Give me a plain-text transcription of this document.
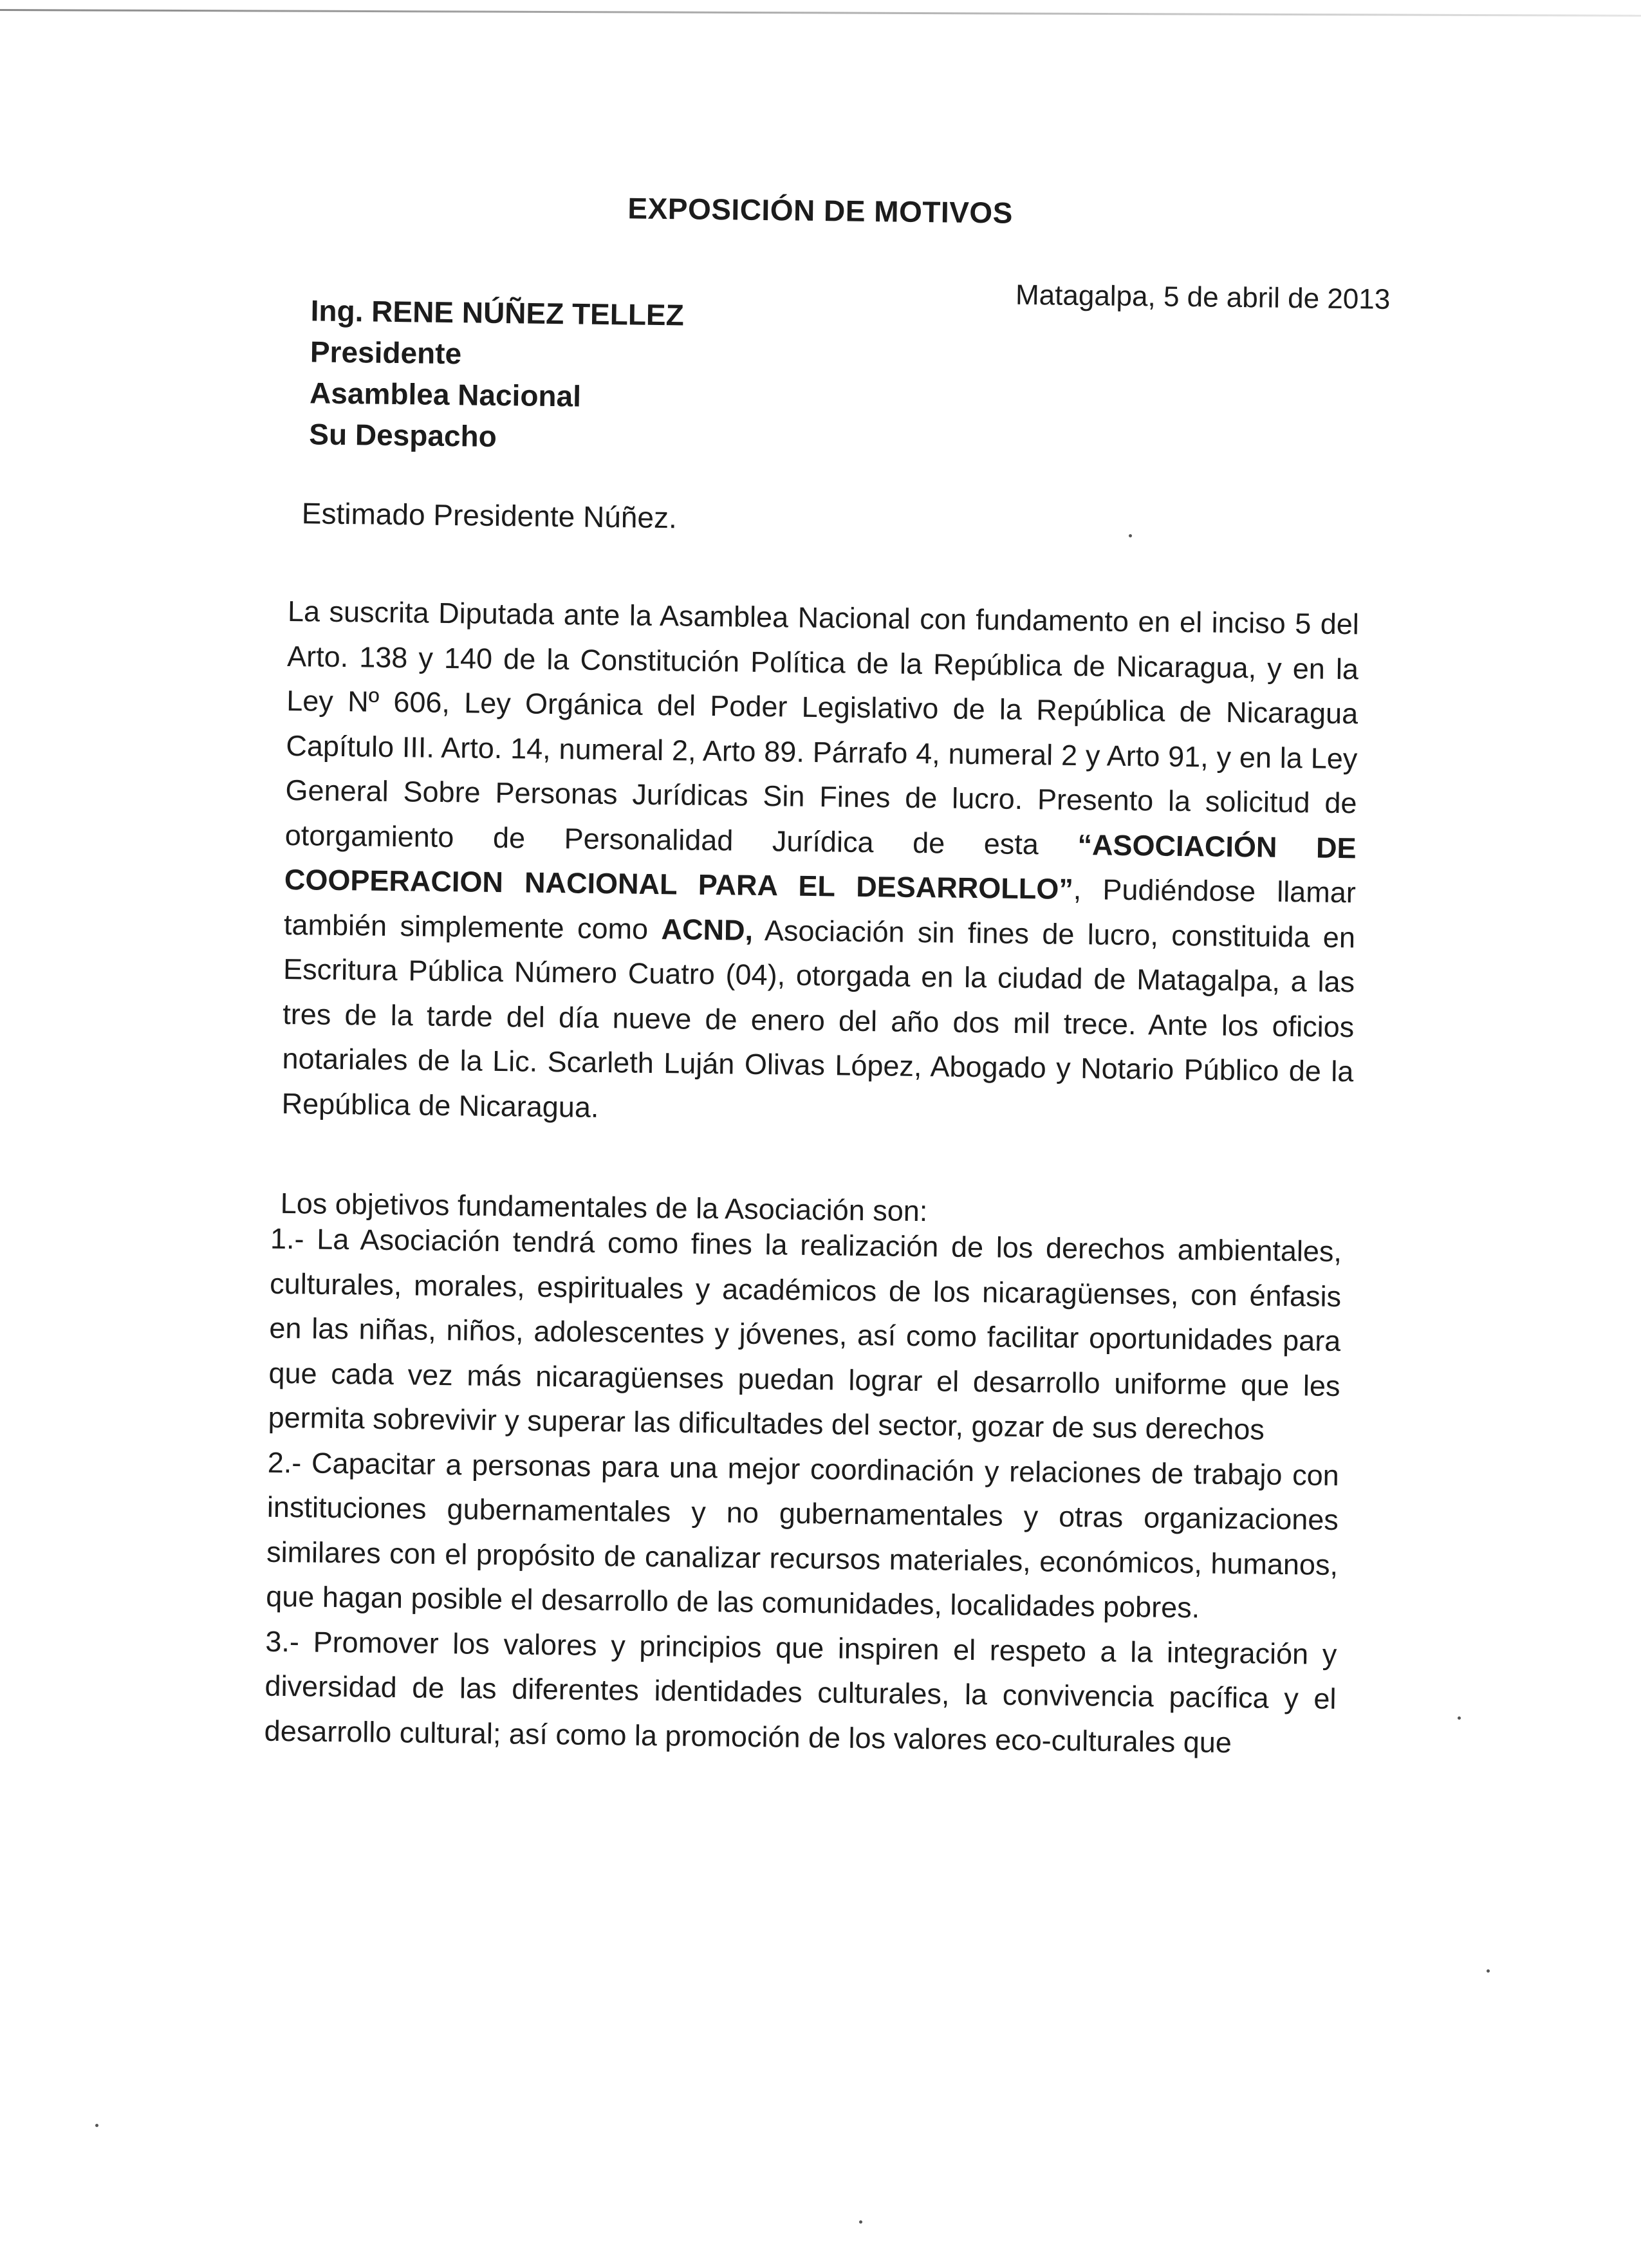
EXPOSICIÓN DE MOTIVOS
Matagalpa, 5 de abril de 2013
Ing. RENE NÚÑEZ TELLEZ
Presidente
Asamblea Nacional
Su Despacho
Estimado Presidente Núñez.

La suscrita Diputada ante la Asamblea Nacional con fundamento en el inciso 5 del Arto. 138 y 140 de la Constitución Política de la República de Nicaragua, y en la Ley Nº 606, Ley Orgánica del Poder Legislativo de la República de Nicaragua Capítulo III. Arto. 14, numeral 2, Arto 89. Párrafo 4, numeral 2 y Arto 91, y en la Ley General Sobre Personas Jurídicas Sin Fines de lucro. Presento la solicitud de otorgamiento de Personalidad Jurídica de esta “ASOCIACIÓN DE COOPERACION NACIONAL PARA EL DESARROLLO”, Pudiéndose llamar también simplemente como ACND, Asociación sin fines de lucro, constituida en Escritura Pública Número Cuatro (04), otorgada en la ciudad de Matagalpa, a las tres de la tarde del día nueve de enero del año dos mil trece. Ante los oficios notariales de la Lic. Scarleth Luján Olivas López, Abogado y Notario Público de la República de Nicaragua.

Los objetivos fundamentales de la Asociación son:

1.- La Asociación tendrá como fines la realización de los derechos ambientales, culturales, morales, espirituales y académicos de los nicaragüenses, con énfasis en las niñas, niños, adolescentes y jóvenes, así como facilitar oportunidades para que cada vez más nicaragüenses puedan lograr el desarrollo uniforme que les permita sobrevivir y superar las dificultades del sector, gozar de sus derechos

2.- Capacitar a personas para una mejor coordinación y relaciones de trabajo con instituciones gubernamentales y no gubernamentales y otras organizaciones similares con el propósito de canalizar recursos materiales, económicos, humanos, que hagan posible el desarrollo de las comunidades, localidades pobres.

3.- Promover los valores y principios que inspiren el respeto a la integración y diversidad de las diferentes identidades culturales, la convivencia pacífica y el desarrollo cultural; así como la promoción de los valores eco-culturales que
